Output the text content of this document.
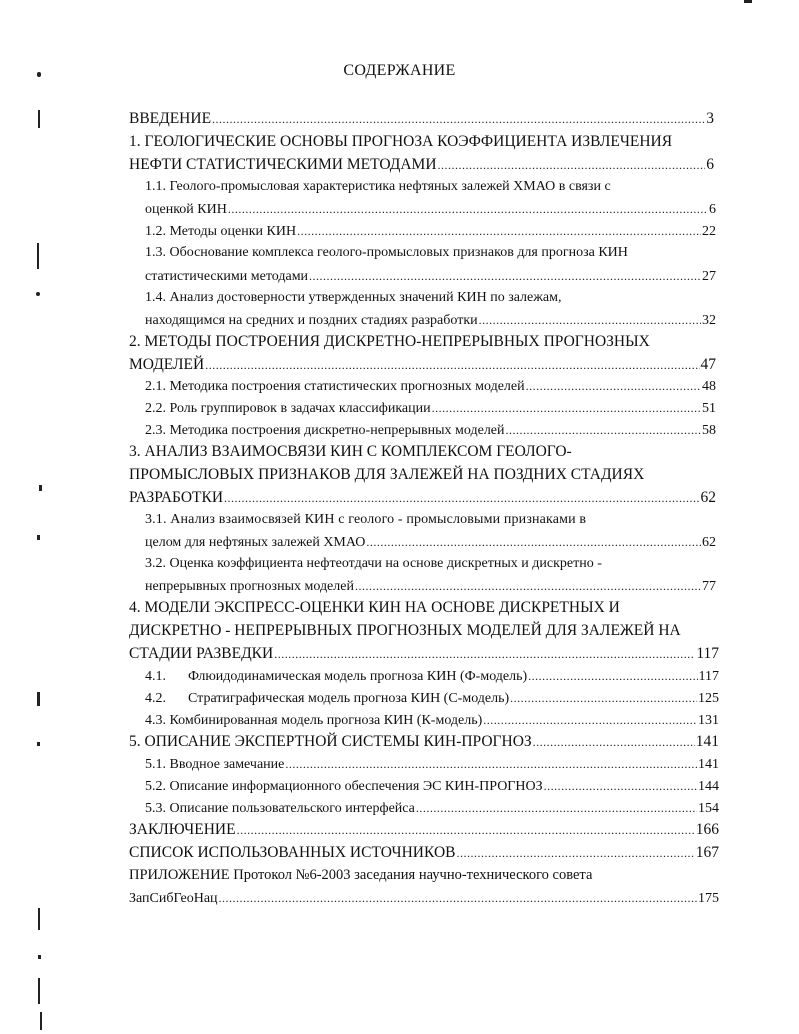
СОДЕРЖАНИЕ
ВВЕДЕНИЕ .....	3
1. ГЕОЛОГИЧЕСКИЕ ОСНОВЫ ПРОГНОЗА КОЭФФИЦИЕНТА ИЗВЛЕЧЕНИЯ
НЕФТИ СТАТИСТИЧЕСКИМИ МЕТОДАМИ .....	6
1.1. Геолого-промысловая характеристика нефтяных залежей ХМАО в связи с
оценкой КИН .....	6
1.2. Методы оценки КИН .....	22
1.3. Обоснование комплекса геолого-промысловых признаков для прогноза КИН
статистическими методами .....	27
1.4. Анализ достоверности утвержденных значений КИН по залежам,
находящимся на средних и поздних стадиях разработки .....	32
2. МЕТОДЫ ПОСТРОЕНИЯ ДИСКРЕТНО-НЕПРЕРЫВНЫХ ПРОГНОЗНЫХ
МОДЕЛЕЙ .....	47
2.1. Методика построения статистических прогнозных моделей .....	48
2.2. Роль группировок в задачах классификации .....	51
2.3. Методика построения дискретно-непрерывных моделей .....	58
3. АНАЛИЗ ВЗАИМОСВЯЗИ КИН С КОМПЛЕКСОМ ГЕОЛОГО-
ПРОМЫСЛОВЫХ ПРИЗНАКОВ ДЛЯ ЗАЛЕЖЕЙ НА ПОЗДНИХ СТАДИЯХ
РАЗРАБОТКИ .....	62
3.1. Анализ взаимосвязей КИН с геолого - промысловыми признаками в
целом для нефтяных залежей ХМАО .....	62
3.2. Оценка коэффициента нефтеотдачи на основе дискретных и дискретно -
непрерывных прогнозных моделей .....	77
4. МОДЕЛИ ЭКСПРЕСС-ОЦЕНКИ КИН НА ОСНОВЕ ДИСКРЕТНЫХ И
ДИСКРЕТНО - НЕПРЕРЫВНЫХ ПРОГНОЗНЫХ МОДЕЛЕЙ ДЛЯ ЗАЛЕЖЕЙ НА
СТАДИИ РАЗВЕДКИ .....	117
4.1.	Флюидодинамическая модель прогноза КИН (Ф-модель) .....	117
4.2.	Стратиграфическая модель прогноза КИН (С-модель) .....	125
4.3. Комбинированная модель прогноза КИН (К-модель) .....	131
5. ОПИСАНИЕ ЭКСПЕРТНОЙ СИСТЕМЫ КИН-ПРОГНОЗ .....	141
5.1. Вводное замечание .....	141
5.2. Описание информационного обеспечения ЭС КИН-ПРОГНОЗ .....	144
5.3. Описание пользовательского интерфейса .....	154
ЗАКЛЮЧЕНИЕ .....	166
СПИСОК ИСПОЛЬЗОВАННЫХ ИСТОЧНИКОВ .....	167
ПРИЛОЖЕНИЕ Протокол №6-2003 заседания научно-технического совета
ЗапСибГеоНац .....	175
